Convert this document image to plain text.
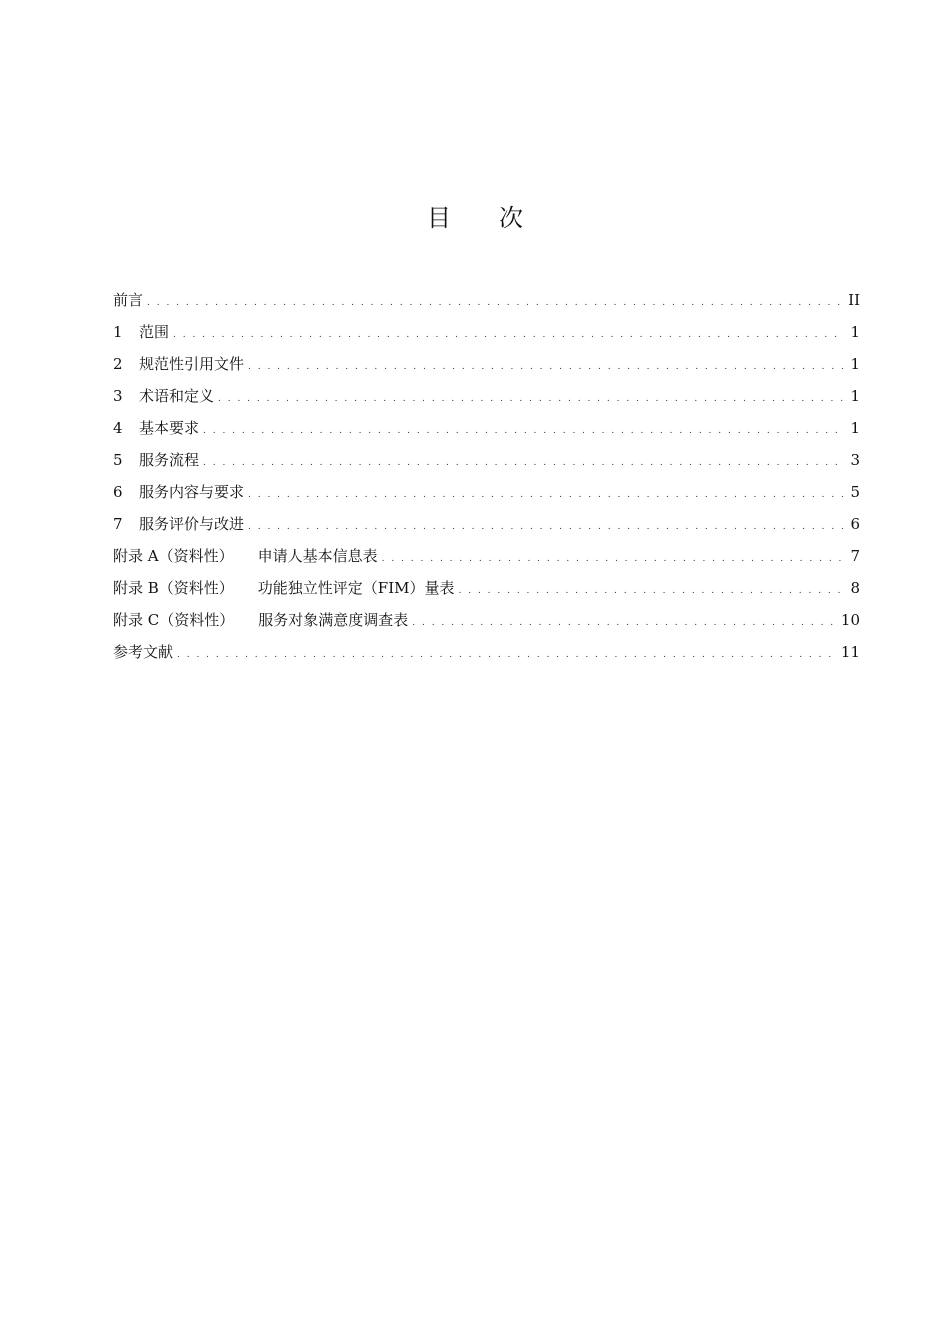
目 次
前言 . . .	II
1	范围 . . .	1
2	规范性引用文件 . . .	1
3	术语和定义 . . .	1
4	基本要求 . . .	1
5	服务流程 . . .	3
6	服务内容与要求 . . .	5
7	服务评价与改进 . . .	6
附录 A（资料性） 申请人基本信息表 . . .	7
附录 B（资料性） 功能独立性评定（FIM）量表 . . .	8
附录 C（资料性） 服务对象满意度调查表 . . .	10
参考文献 . . .	11
